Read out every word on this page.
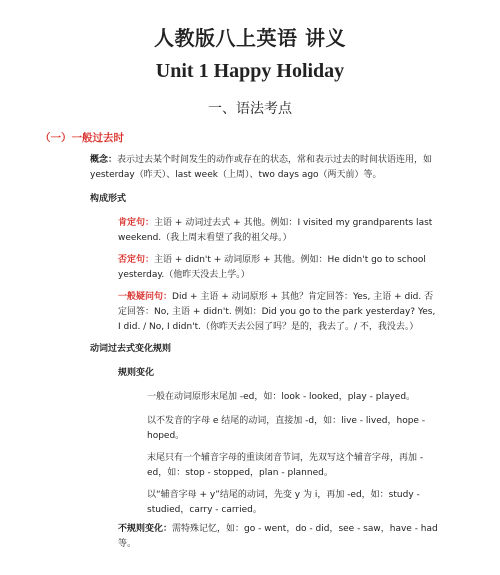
人教版八上英语 讲义
Unit 1 Happy Holiday
一、语法考点
（一）一般过去时
概念：表示过去某个时间发生的动作或存在的状态，常和表示过去的时间状语连用，如 yesterday（昨天）、last week（上周）、two days ago（两天前）等。
构成形式
肯定句：主语 + 动词过去式 + 其他。例如：I visited my grandparents last weekend.（我上周末看望了我的祖父母。）
否定句：主语 + didn't + 动词原形 + 其他。例如：He didn't go to school yesterday.（他昨天没去上学。）
一般疑问句：Did + 主语 + 动词原形 + 其他？肯定回答：Yes, 主语 + did. 否定回答：No, 主语 + didn't. 例如：Did you go to the park yesterday? Yes, I did. / No, I didn't.（你昨天去公园了吗？是的，我去了。/ 不，我没去。）
动词过去式变化规则
规则变化
一般在动词原形末尾加 -ed，如：look - looked，play - played。
以不发音的字母 e 结尾的动词，直接加 -d，如：live - lived，hope - hoped。
末尾只有一个辅音字母的重读闭音节词，先双写这个辅音字母，再加 -ed，如：stop - stopped，plan - planned。
以“辅音字母 + y”结尾的动词，先变 y 为 i，再加 -ed，如：study - studied，carry - carried。
不规则变化：需特殊记忆，如：go - went，do - did，see - saw，have - had 等。
